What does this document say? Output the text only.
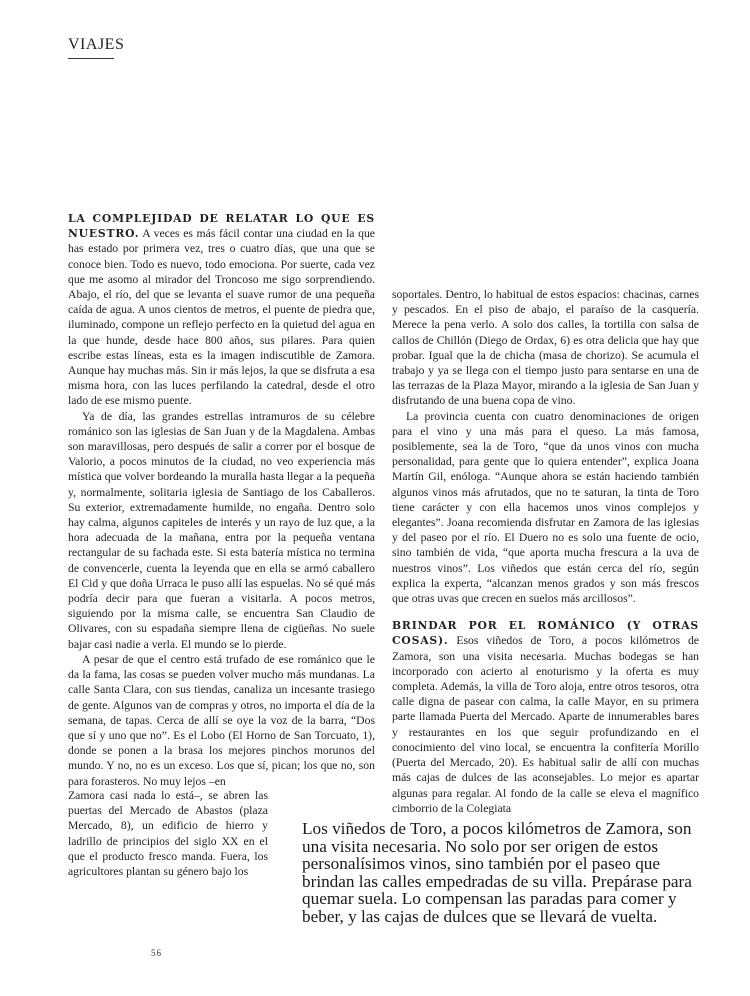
VIAJES

LA COMPLEJIDAD DE RELATAR LO QUE ES NUESTRO. A veces es más fácil contar una ciudad en la que has estado por primera vez, tres o cuatro días, que una que se conoce bien. Todo es nuevo, todo emociona. Por suerte, cada vez que me asomo al mirador del Troncoso me sigo sorprendiendo. Abajo, el río, del que se levanta el suave rumor de una pequeña caída de agua. A unos cientos de metros, el puente de piedra que, iluminado, compone un reflejo perfecto en la quietud del agua en la que hunde, desde hace 800 años, sus pilares. Para quien escribe estas líneas, esta es la imagen indiscutible de Zamora. Aunque hay muchas más. Sin ir más lejos, la que se disfruta a esa misma hora, con las luces perfilando la catedral, desde el otro lado de ese mismo puente.

Ya de día, las grandes estrellas intramuros de su célebre románico son las iglesias de San Juan y de la Magdalena. Ambas son maravillosas, pero después de salir a correr por el bosque de Valorio, a pocos minutos de la ciudad, no veo experiencia más mística que volver bordeando la muralla hasta llegar a la pequeña y, normalmente, solitaria iglesia de Santiago de los Caballeros. Su exterior, extremadamente humilde, no engaña. Dentro solo hay calma, algunos capiteles de interés y un rayo de luz que, a la hora adecuada de la mañana, entra por la pequeña ventana rectangular de su fachada este. Si esta batería mística no termina de convencerle, cuenta la leyenda que en ella se armó caballero El Cid y que doña Urraca le puso allí las espuelas. No sé qué más podría decir para que fueran a visitarla. A pocos metros, siguiendo por la misma calle, se encuentra San Claudio de Olivares, con su espadaña siempre llena de cigüeñas. No suele bajar casi nadie a verla. El mundo se lo pierde.

A pesar de que el centro está trufado de ese románico que le da la fama, las cosas se pueden volver mucho más mundanas. La calle Santa Clara, con sus tiendas, canaliza un incesante trasiego de gente. Algunos van de compras y otros, no importa el día de la semana, de tapas. Cerca de allí se oye la voz de la barra, “Dos que sí y uno que no”. Es el Lobo (El Horno de San Torcuato, 1), donde se ponen a la brasa los mejores pinchos morunos del mundo. Y no, no es un exceso. Los que sí, pican; los que no, son para forasteros. No muy lejos –en

Zamora casi nada lo está–, se abren las puertas del Mercado de Abastos (plaza Mercado, 8), un edificio de hierro y ladrillo de principios del siglo XX en el que el producto fresco manda. Fuera, los agricultores plantan su género bajo los

soportales. Dentro, lo habitual de estos espacios: chacinas, carnes y pescados. En el piso de abajo, el paraíso de la casquería. Merece la pena verlo. A solo dos calles, la tortilla con salsa de callos de Chillón (Diego de Ordax, 6) es otra delicia que hay que probar. Igual que la de chicha (masa de chorizo). Se acumula el trabajo y ya se llega con el tiempo justo para sentarse en una de las terrazas de la Plaza Mayor, mirando a la iglesia de San Juan y disfrutando de una buena copa de vino.

La provincia cuenta con cuatro denominaciones de origen para el vino y una más para el queso. La más famosa, posiblemente, sea la de Toro, “que da unos vinos con mucha personalidad, para gente que lo quiera entender”, explica Joana Martín Gil, enóloga. “Aunque ahora se están haciendo también algunos vinos más afrutados, que no te saturan, la tinta de Toro tiene carácter y con ella hacemos unos vinos complejos y elegantes”. Joana recomienda disfrutar en Zamora de las iglesias y del paseo por el río. El Duero no es solo una fuente de ocio, sino también de vida, “que aporta mucha frescura a la uva de nuestros vinos”. Los viñedos que están cerca del río, según explica la experta, “alcanzan menos grados y son más frescos que otras uvas que crecen en suelos más arcillosos”.

BRINDAR POR EL ROMÁNICO (Y OTRAS COSAS). Esos viñedos de Toro, a pocos kilómetros de Zamora, son una visita necesaria. Muchas bodegas se han incorporado con acierto al enoturismo y la oferta es muy completa. Además, la villa de Toro aloja, entre otros tesoros, otra calle digna de pasear con calma, la calle Mayor, en su primera parte llamada Puerta del Mercado. Aparte de innumerables bares y restaurantes en los que seguir profundizando en el conocimiento del vino local, se encuentra la confitería Morillo (Puerta del Mercado, 20). Es habitual salir de allí con muchas más cajas de dulces de las aconsejables. Lo mejor es apartar algunas para regalar. Al fondo de la calle se eleva el magnífico cimborrio de la Colegiata

Los viñedos de Toro, a pocos kilómetros de Zamora, son una visita necesaria. No solo por ser origen de estos personalísimos vinos, sino también por el paseo que brindan las calles empedradas de su villa. Prepárase para quemar suela. Lo compensan las paradas para comer y beber, y las cajas de dulces que se llevará de vuelta.
56
